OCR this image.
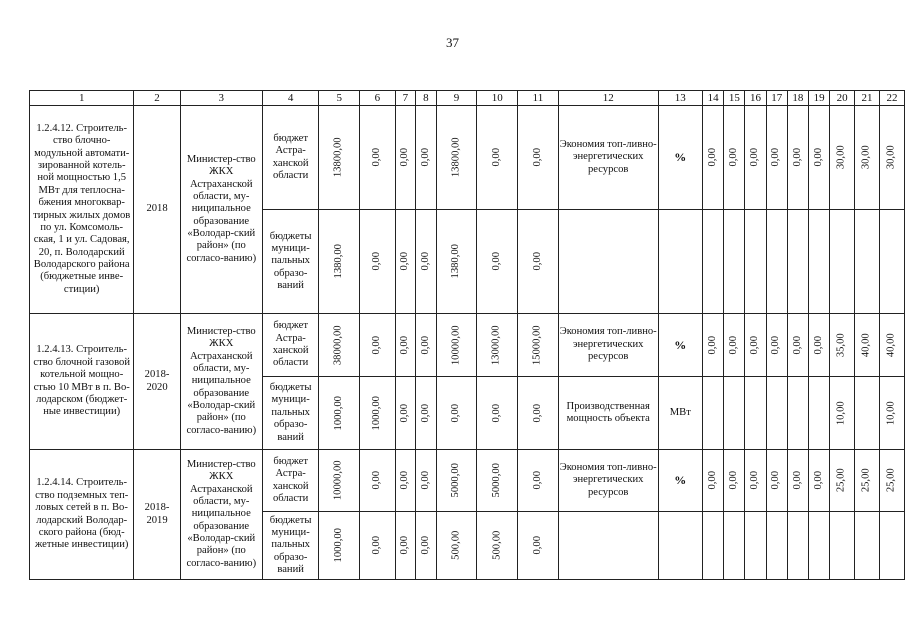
37
1	2	3	4	5	6	7	8	9	10	11	12	13	14	15	16	17	18	19	20	21	22
1.2.4.12. Строитель-ство блочно-модульной автомати-зированной котель-ной мощностью 1,5 МВт для теплосна-бжения многоквар-тирных жилых домов по ул. Комсомоль-ская, 1 и ул. Садовая, 20, п. Володарский Володарского района (бюджетные инве-стиции)	2018	Министер-ство ЖКХ Астраханской области, му-ниципальное образование «Володар-ский район» (по согласо-ванию)	бюджет Астра-ханской области	13800,00	0,00	0,00	0,00	13800,00	0,00	0,00	Экономия топ-ливно-энергетических ресурсов	%	0,00	0,00	0,00	0,00	0,00	0,00	30,00	30,00	30,00
			бюджеты муници-пальных образо-ваний	1380,00	0,00	0,00	0,00	1380,00	0,00	0,00											
1.2.4.13. Строитель-ство блочной газовой котельной мощно-стью 10 МВт в п. Во-лодарском (бюджет-ные инвестиции)	2018-2020	Министер-ство ЖКХ Астраханской области, му-ниципальное образование «Володар-ский район» (по согласо-ванию)	бюджет Астра-ханской области	38000,00	0,00	0,00	0,00	10000,00	13000,00	15000,00	Экономия топ-ливно-энергетических ресурсов	%	0,00	0,00	0,00	0,00	0,00	0,00	35,00	40,00	40,00
			бюджеты муници-пальных образо-ваний	1000,00	1000,00	0,00	0,00	0,00	0,00	0,00	Производственная мощность объекта	МВт							10,00		10,00
1.2.4.14. Строитель-ство подземных теп-ловых сетей в п. Во-лодарский Володар-ского района (бюд-жетные инвестиции)	2018-2019	Министер-ство ЖКХ Астраханской области, му-ниципальное образование «Володар-ский район» (по согласо-ванию)	бюджет Астра-ханской области	10000,00	0,00	0,00	0,00	5000,00	5000,00	0,00	Экономия топ-ливно-энергетических ресурсов	%	0,00	0,00	0,00	0,00	0,00	0,00	25,00	25,00	25,00
			бюджеты муници-пальных образо-ваний	1000,00	0,00	0,00	0,00	500,00	500,00	0,00											
